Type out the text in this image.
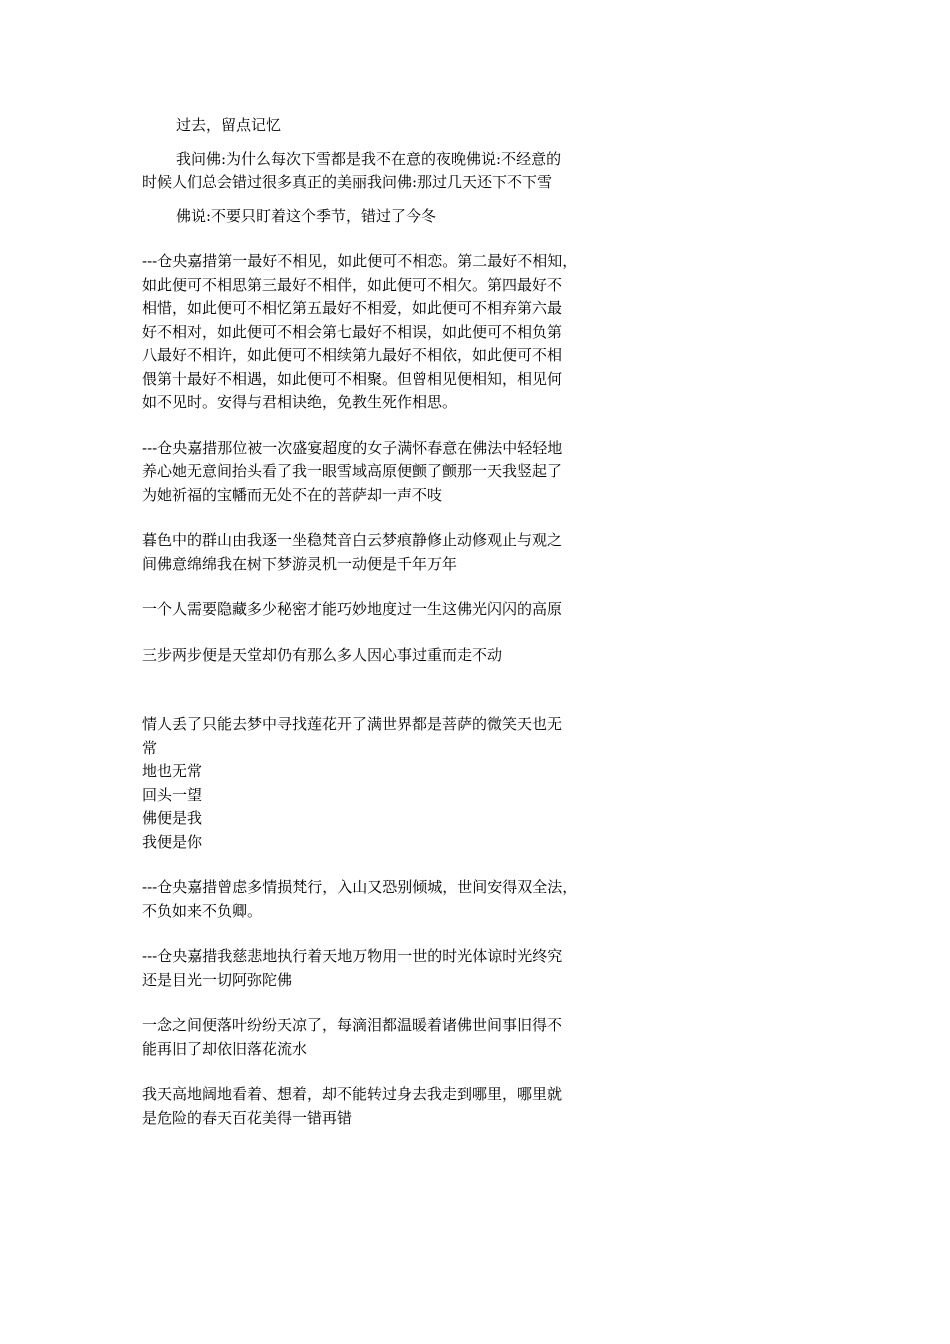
过去，留点记忆
我问佛:为什么每次下雪都是我不在意的夜晚佛说:不经意的
时候人们总会错过很多真正的美丽我问佛:那过几天还下不下雪
佛说:不要只盯着这个季节，错过了今冬
---仓央嘉措第一最好不相见，如此便可不相恋。第二最好不相知，
如此便可不相思第三最好不相伴，如此便可不相欠。第四最好不
相惜，如此便可不相忆第五最好不相爱，如此便可不相弃第六最
好不相对，如此便可不相会第七最好不相误，如此便可不相负第
八最好不相许，如此便可不相续第九最好不相依，如此便可不相
偎第十最好不相遇，如此便可不相聚。但曾相见便相知，相见何
如不见时。安得与君相诀绝，免教生死作相思。
---仓央嘉措那位被一次盛宴超度的女子满怀春意在佛法中轻轻地
养心她无意间抬头看了我一眼雪域高原便颤了颤那一天我竖起了
为她祈福的宝幡而无处不在的菩萨却一声不吱
暮色中的群山由我逐一坐稳梵音白云梦痕静修止动修观止与观之
间佛意绵绵我在树下梦游灵机一动便是千年万年
一个人需要隐藏多少秘密才能巧妙地度过一生这佛光闪闪的高原
三步两步便是天堂却仍有那么多人因心事过重而走不动
情人丢了只能去梦中寻找莲花开了满世界都是菩萨的微笑天也无
常
地也无常
回头一望
佛便是我
我便是你
---仓央嘉措曾虑多情损梵行，入山又恐别倾城，世间安得双全法，
不负如来不负卿。
---仓央嘉措我慈悲地执行着天地万物用一世的时光体谅时光终究
还是目光一切阿弥陀佛
一念之间便落叶纷纷天凉了，每滴泪都温暖着诸佛世间事旧得不
能再旧了却依旧落花流水
我天高地阔地看着、想着，却不能转过身去我走到哪里，哪里就
是危险的春天百花美得一错再错
